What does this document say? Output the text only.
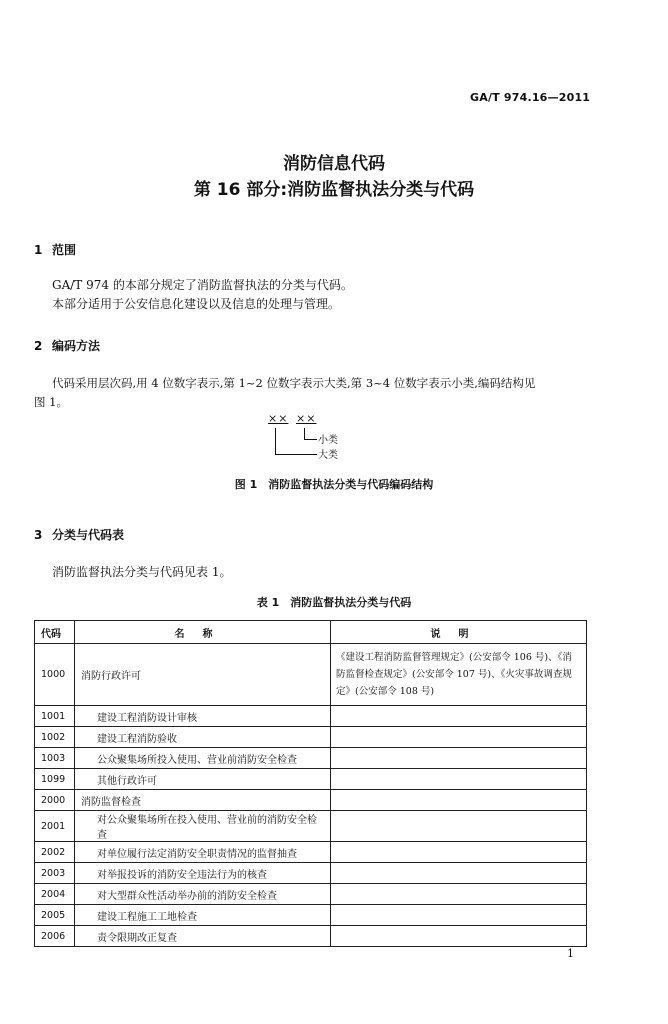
GA/T 974.16—2011
消防信息代码
第 16 部分:消防监督执法分类与代码
1 范围
GA/T 974 的本部分规定了消防监督执法的分类与代码。
本部分适用于公安信息化建设以及信息的处理与管理。
2 编码方法
代码采用层次码,用 4 位数字表示,第 1~2 位数字表示大类,第 3~4 位数字表示小类,编码结构见
图 1。
×× ××
小类
大类
图 1　消防监督执法分类与代码编码结构
3 分类与代码表
消防监督执法分类与代码见表 1。
表 1　消防监督执法分类与代码
代码	名称	说明
1000	消防行政许可	《建设工程消防监督管理规定》(公安部令 106 号)、《消防监督检查规定》(公安部令 107 号)、《火灾事故调查规定》(公安部令 108 号)
1001	建设工程消防设计审核	
1002	建设工程消防验收	
1003	公众聚集场所投入使用、营业前消防安全检查	
1099	其他行政许可	
2000	消防监督检查	
2001	对公众聚集场所在投入使用、营业前的消防安全检查	
2002	对单位履行法定消防安全职责情况的监督抽查	
2003	对举报投诉的消防安全违法行为的核查	
2004	对大型群众性活动举办前的消防安全检查	
2005	建设工程施工工地检查	
2006	责令限期改正复查	
1
